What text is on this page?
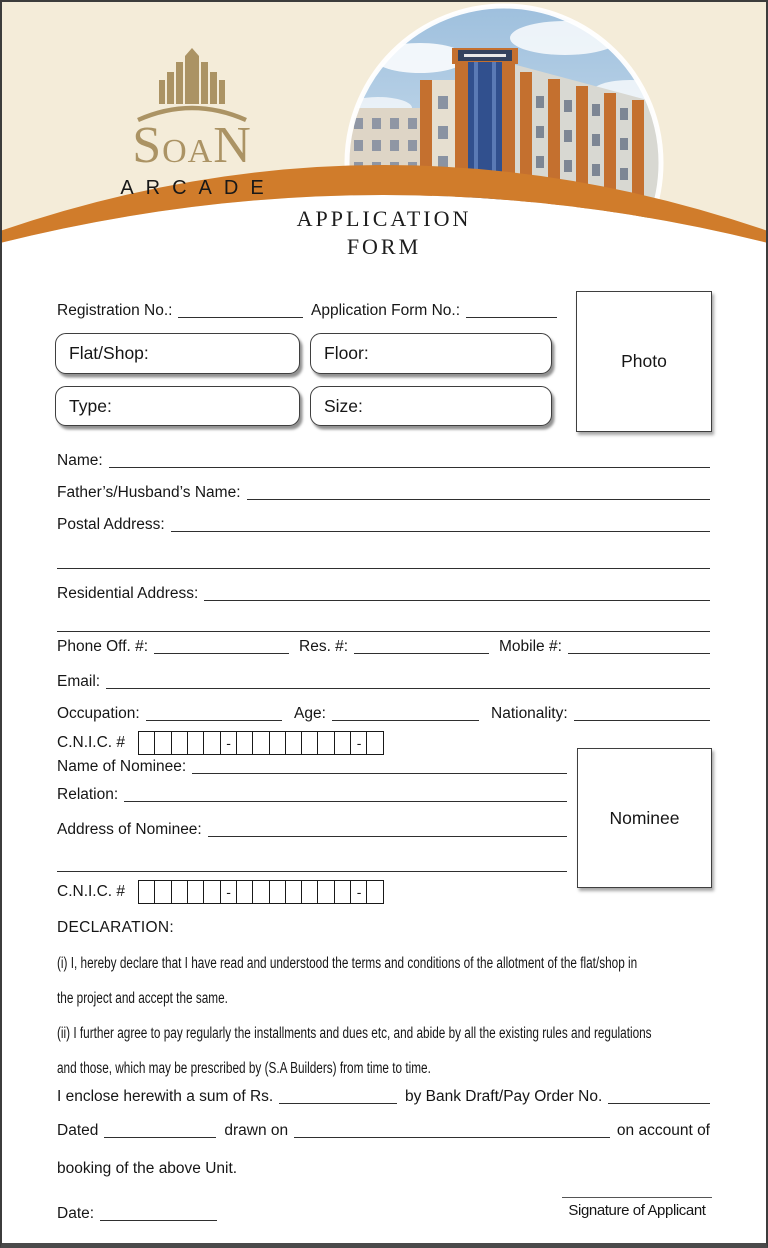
SOAN
ARCADE
APPLICATION
FORM
Registration No.:	Application Form No.:
Flat/Shop:	Floor:
Type:	Size:
Photo
Name:
Father’s/Husband’s Name:
Postal Address:
Residential Address:
Phone Off. #:	Res. #:	Mobile #:
Email:
Occupation:	Age:	Nationality:
C.N.I.C. #	-	-
Name of Nominee:
Relation:
Address of Nominee:
Nominee
C.N.I.C. #	-	-
DECLARATION:
(i) I, hereby declare that I have read and understood the terms and conditions of the allotment of the flat/shop in
the project and accept the same.
(ii) I further agree to pay regularly the installments and dues etc, and abide by all the existing rules and regulations
and those, which may be prescribed by (S.A Builders) from time to time.
I enclose herewith a sum of Rs.	by Bank Draft/Pay Order No.
Dated	drawn on	on account of
booking of the above Unit.
Date:	Signature of Applicant
